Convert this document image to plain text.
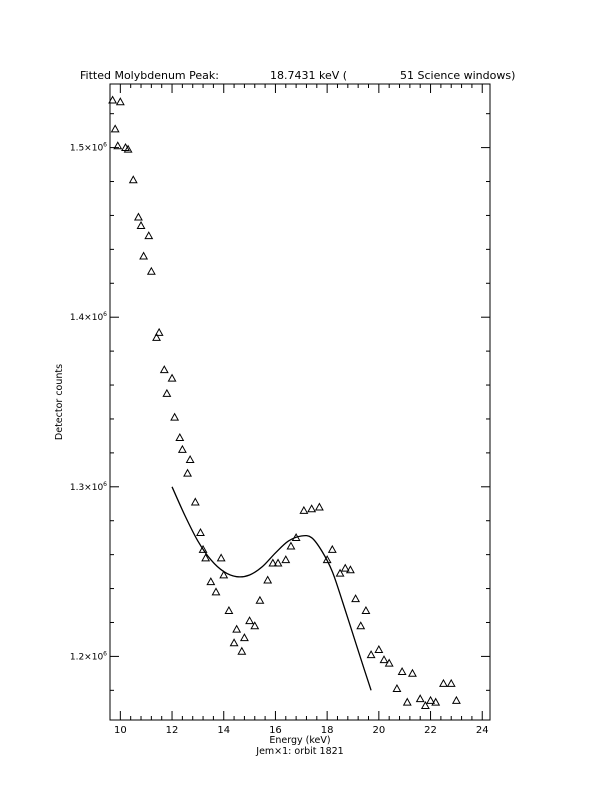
Fitted Molybdenum Peak:	18.7431 keV (	51 Science windows)
10	12	14	16	18	20	22	24
$1.2\times 10^6$
$1.3\times 10^6$
$1.4\times 10^6$
$1.5\times 10^6$
Energy (keV)
Jem×1: orbit 1821
Detector counts
